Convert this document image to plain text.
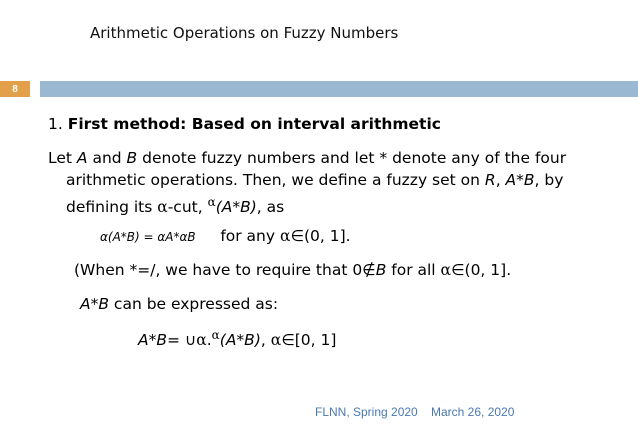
Arithmetic Operations on Fuzzy Numbers
8
1. First method: Based on interval arithmetic
Let A and B denote fuzzy numbers and let * denote any of the four
arithmetic operations. Then, we define a fuzzy set on R, A*B, by
defining its α-cut, $^\alpha$(A*B), as
α(A*B) = αA*αB for any α∈(0, 1].
(When *=/, we have to require that 0∉B for all α∈(0, 1].
A*B can be expressed as:
A*B= ∪α.$^\alpha$(A*B), α∈[0, 1]
FLNN, Spring 2020 March 26, 2020
